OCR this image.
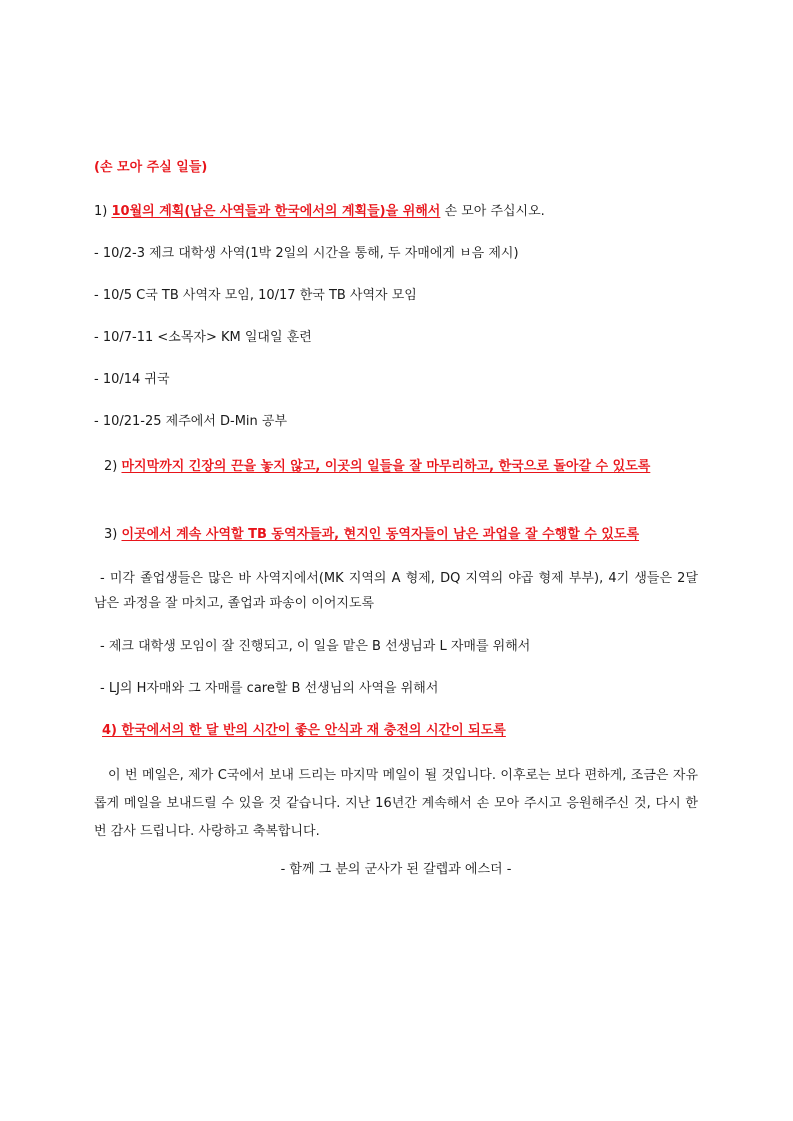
(손 모아 주실 일들)
1) 10월의 계획(남은 사역들과 한국에서의 계획들)을 위해서 손 모아 주십시오.
- 10/2-3 제크 대학생 사역(1박 2일의 시간을 통해, 두 자매에게 ㅂ음 제시)
- 10/5 C국 TB 사역자 모임, 10/17 한국 TB 사역자 모임
- 10/7-11 <소목자> KM 일대일 훈련
- 10/14 귀국
- 10/21-25 제주에서 D-Min 공부
2) 마지막까지 긴장의 끈을 놓지 않고, 이곳의 일들을 잘 마무리하고, 한국으로 돌아갈 수 있도록
3) 이곳에서 계속 사역할 TB 동역자들과, 현지인 동역자들이 남은 과업을 잘 수행할 수 있도록
- 미각 졸업생들은 많은 바 사역지에서(MK 지역의 A 형제, DQ 지역의 야곱 형제 부부), 4기 생들은 2달 남은 과정을 잘 마치고, 졸업과 파송이 이어지도록
- 제크 대학생 모임이 잘 진행되고, 이 일을 맡은 B 선생님과 L 자매를 위해서
- LJ의 H자매와 그 자매를 care할 B 선생님의 사역을 위해서
4) 한국에서의 한 달 반의 시간이 좋은 안식과 재 충전의 시간이 되도록
이 번 메일은, 제가 C국에서 보내 드리는 마지막 메일이 될 것입니다. 이후로는 보다 편하게, 조금은 자유롭게 메일을 보내드릴 수 있을 것 같습니다. 지난 16년간 계속해서 손 모아 주시고 응원해주신 것, 다시 한번 감사 드립니다. 사랑하고 축복합니다.
- 함께 그 분의 군사가 된 갈렙과 에스더 -
